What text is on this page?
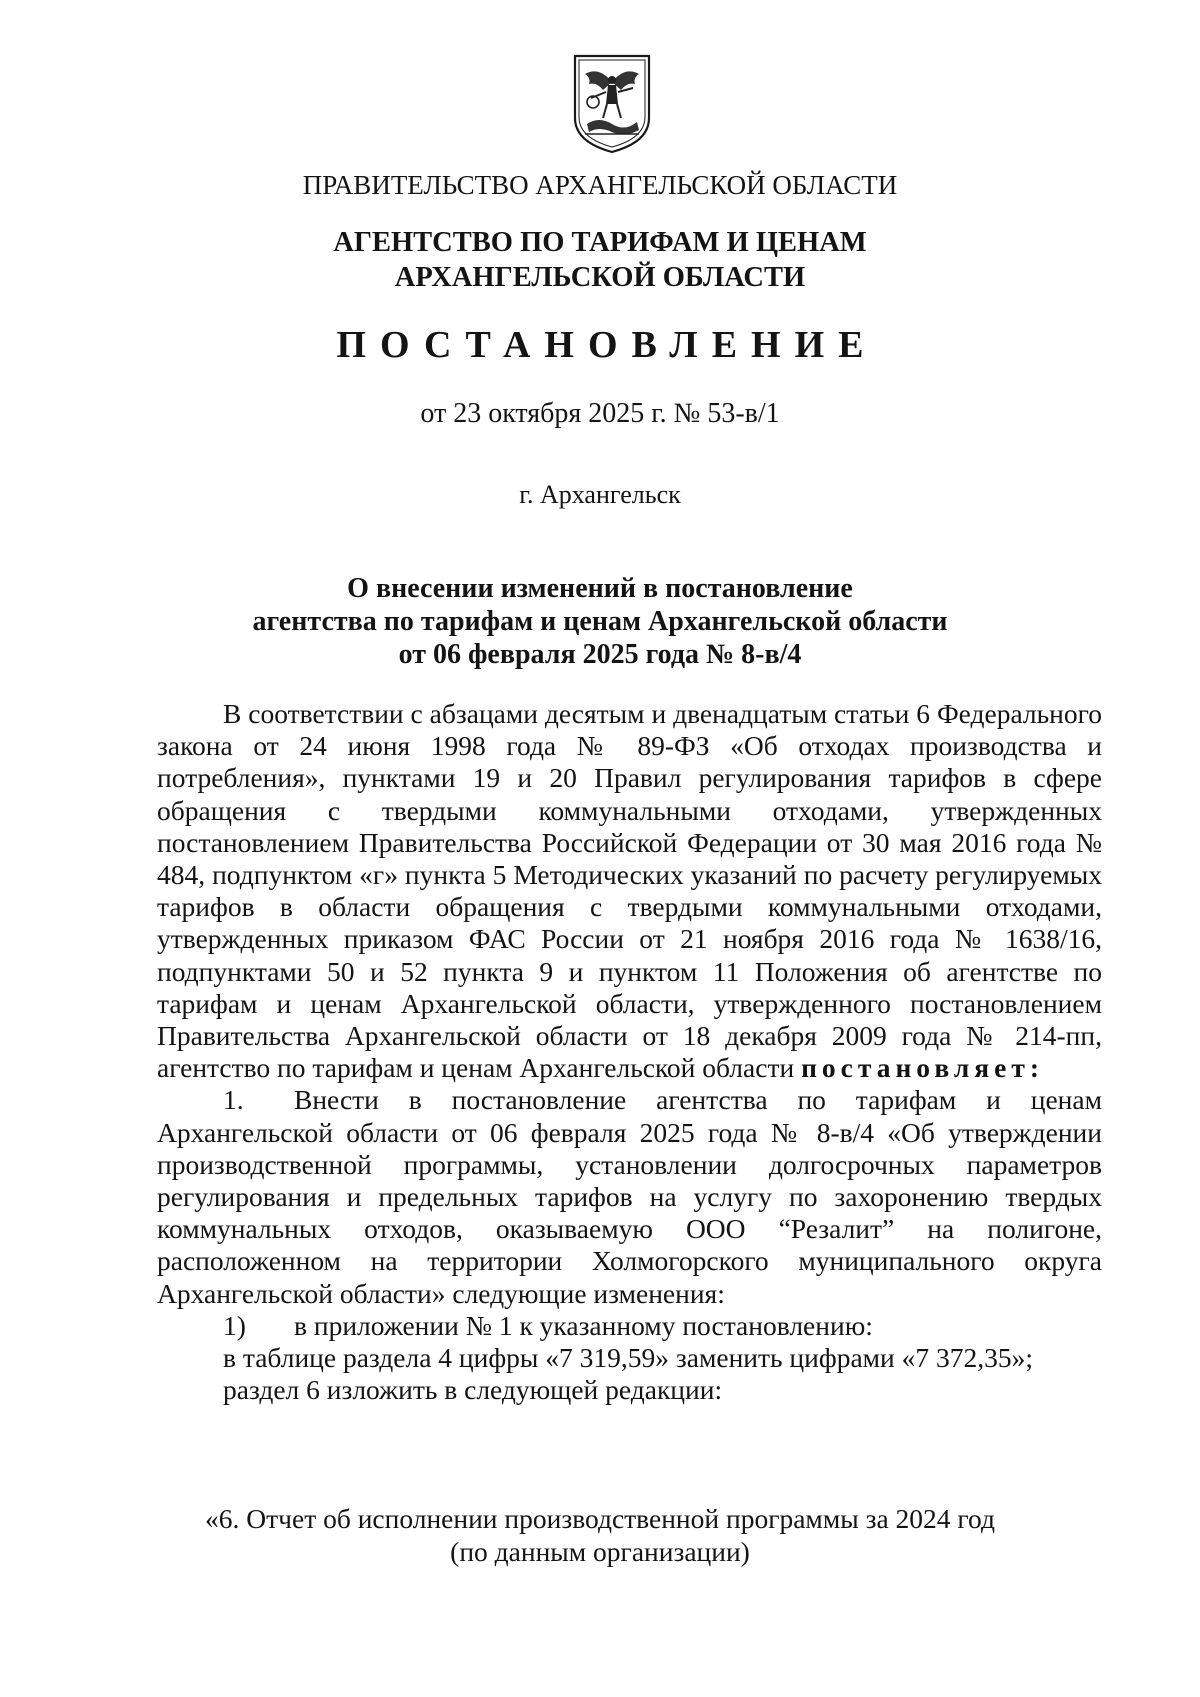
ПРАВИТЕЛЬСТВО АРХАНГЕЛЬСКОЙ ОБЛАСТИ
АГЕНТСТВО ПО ТАРИФАМ И ЦЕНАМ
АРХАНГЕЛЬСКОЙ ОБЛАСТИ
ПОСТАНОВЛЕНИЕ
от 23 октября 2025 г. № 53-в/1
г. Архангельск
О внесении изменений в постановление
агентства по тарифам и ценам Архангельской области
от 06 февраля 2025 года № 8-в/4

В соответствии с абзацами десятым и двенадцатым статьи 6 Федерального закона от 24 июня 1998 года № 89-ФЗ «Об отходах производства и потребления», пунктами 19 и 20 Правил регулирования тарифов в сфере обращения с твердыми коммунальными отходами, утвержденных постановлением Правительства Российской Федерации от 30 мая 2016 года № 484, подпунктом «г» пункта 5 Методических указаний по расчету регулируемых тарифов в области обращения с твердыми коммунальными отходами, утвержденных приказом ФАС России от 21 ноября 2016 года № 1638/16, подпунктами 50 и 52 пункта 9 и пунктом 11 Положения об агентстве по тарифам и ценам Архангельской области, утвержденного постановлением Правительства Архангельской области от 18 декабря 2009 года № 214-пп, агентство по тарифам и ценам Архангельской области постановляет:

1.	Внести в постановление агентства по тарифам и ценам Архангельской области от 06 февраля 2025 года № 8-в/4 «Об утверждении производственной программы, установлении долгосрочных параметров регулирования и предельных тарифов на услугу по захоронению твердых коммунальных отходов, оказываемую ООО “Резалит” на полигоне, расположенном на территории Холмогорского муниципального округа Архангельской области» следующие изменения:

1)	в приложении № 1 к указанному постановлению:

в таблице раздела 4 цифры «7 319,59» заменить цифрами «7 372,35»;

раздел 6 изложить в следующей редакции:

«6. Отчет об исполнении производственной программы за 2024 год
(по данным организации)
